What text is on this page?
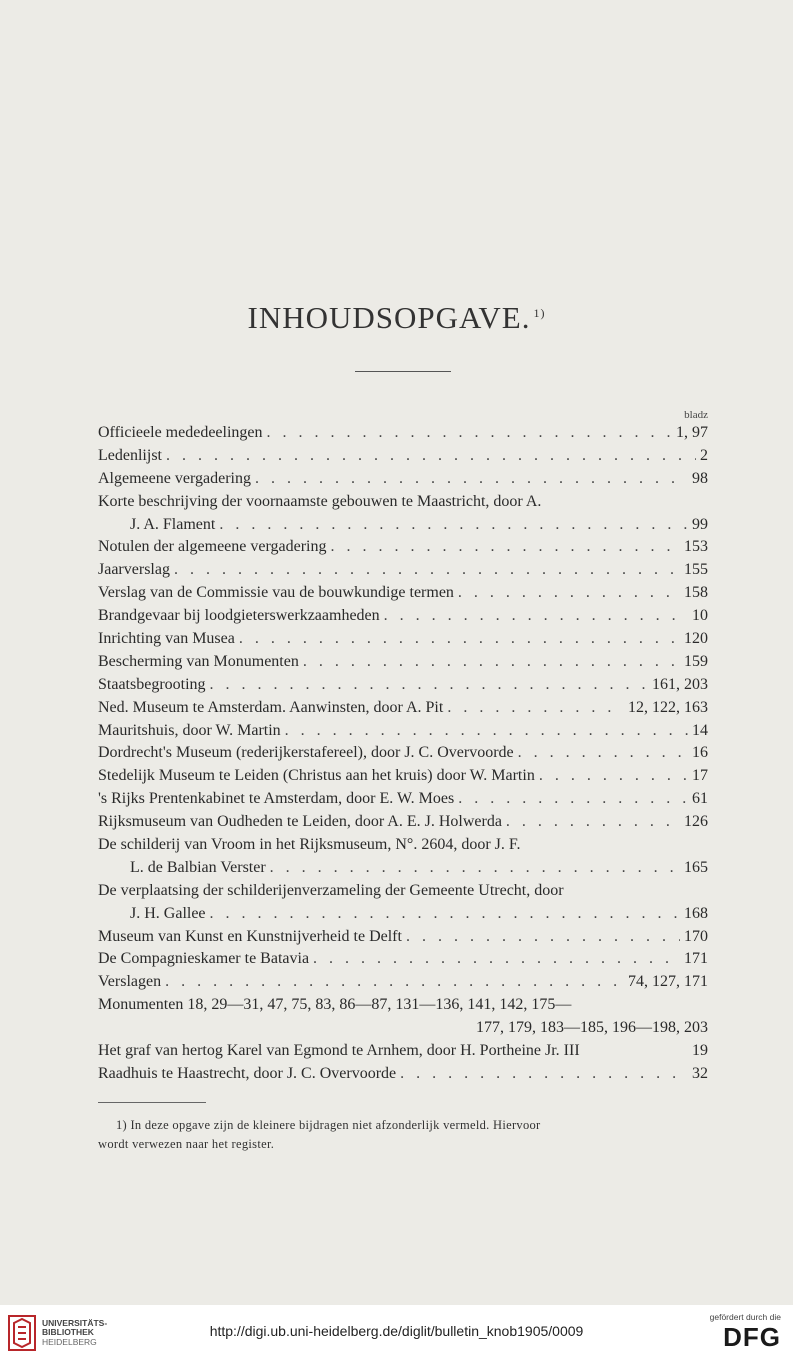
INHOUDSOPGAVE. $^{1)}$
bladz
Officieele mededeelingen . . .	1, 97
Ledenlijst . . .	2
Algemeene vergadering . . .	98
Korte beschrijving der voornaamste gebouwen te Maastricht, door A.
J. A. Flament . . .	99
Notulen der algemeene vergadering . . .	153
Jaarverslag . . .	155
Verslag van de Commissie vau de bouwkundige termen . . .	158
Brandgevaar bij loodgieterswerkzaamheden . . .	10
Inrichting van Musea . . .	120
Bescherming van Monumenten . . .	159
Staatsbegrooting . . .	161, 203
Ned. Museum te Amsterdam. Aanwinsten, door A. Pit . . .	12, 122, 163
Mauritshuis, door W. Martin . . .	14
Dordrecht's Museum (rederijkerstafereel), door J. C. Overvoorde . . .	16
Stedelijk Museum te Leiden (Christus aan het kruis) door W. Martin . . .	17
's Rijks Prentenkabinet te Amsterdam, door E. W. Moes . . .	61
Rijksmuseum van Oudheden te Leiden, door A. E. J. Holwerda . . .	126
De schilderij van Vroom in het Rijksmuseum, N°. 2604, door J. F.
L. de Balbian Verster . . .	165
De verplaatsing der schilderijenverzameling der Gemeente Utrecht, door
J. H. Gallee . . .	168
Museum van Kunst en Kunstnijverheid te Delft . . .	170
De Compagnieskamer te Batavia . . .	171
Verslagen . . .	74, 127, 171
Monumenten 18, 29—31, 47, 75, 83, 86—87, 131—136, 141, 142, 175—
177, 179, 183—185, 196—198, 203
Het graf van hertog Karel van Egmond te Arnhem, door H. Portheine Jr. III	19
Raadhuis te Haastrecht, door J. C. Overvoorde . . .	32
1) In deze opgave zijn de kleinere bijdragen niet afzonderlijk vermeld. Hiervoor
wordt verwezen naar het register.
UNIVERSITÄTS-
BIBLIOTHEK
HEIDELBERG
http://digi.ub.uni-heidelberg.de/diglit/bulletin_knob1905/0009
gefördert durch die
DFG
